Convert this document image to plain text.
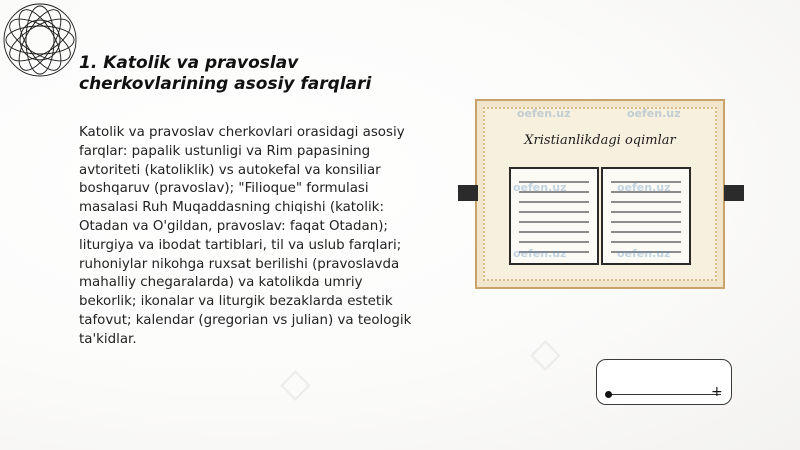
◇
◇
1. Katolik va pravoslav cherkovlarining asosiy farqlari

Katolik va pravoslav cherkovlari orasidagi asosiy farqlar: papalik ustunligi va Rim papasining avtoriteti (katoliklik) vs autokefal va konsiliar boshqaruv (pravoslav); "Filioque" formulasi masalasi Ruh Muqaddasning chiqishi (katolik: Otadan va O'gildan, pravoslav: faqat Otadan); liturgiya va ibodat tartiblari, til va uslub farqlari; ruhoniylar nikohga ruxsat berilishi (pravoslavda mahalliy chegaralarda) va katolikda umriy bekorlik; ikonalar va liturgik bezaklarda estetik tafovut; kalendar (gregorian vs julian) va teologik ta'kidlar.

oefen.uz	oefen.uz
Xristianlikdagi oqimlar
oefen.uz	oefen.uz
oefen.uz	oefen.uz
+
